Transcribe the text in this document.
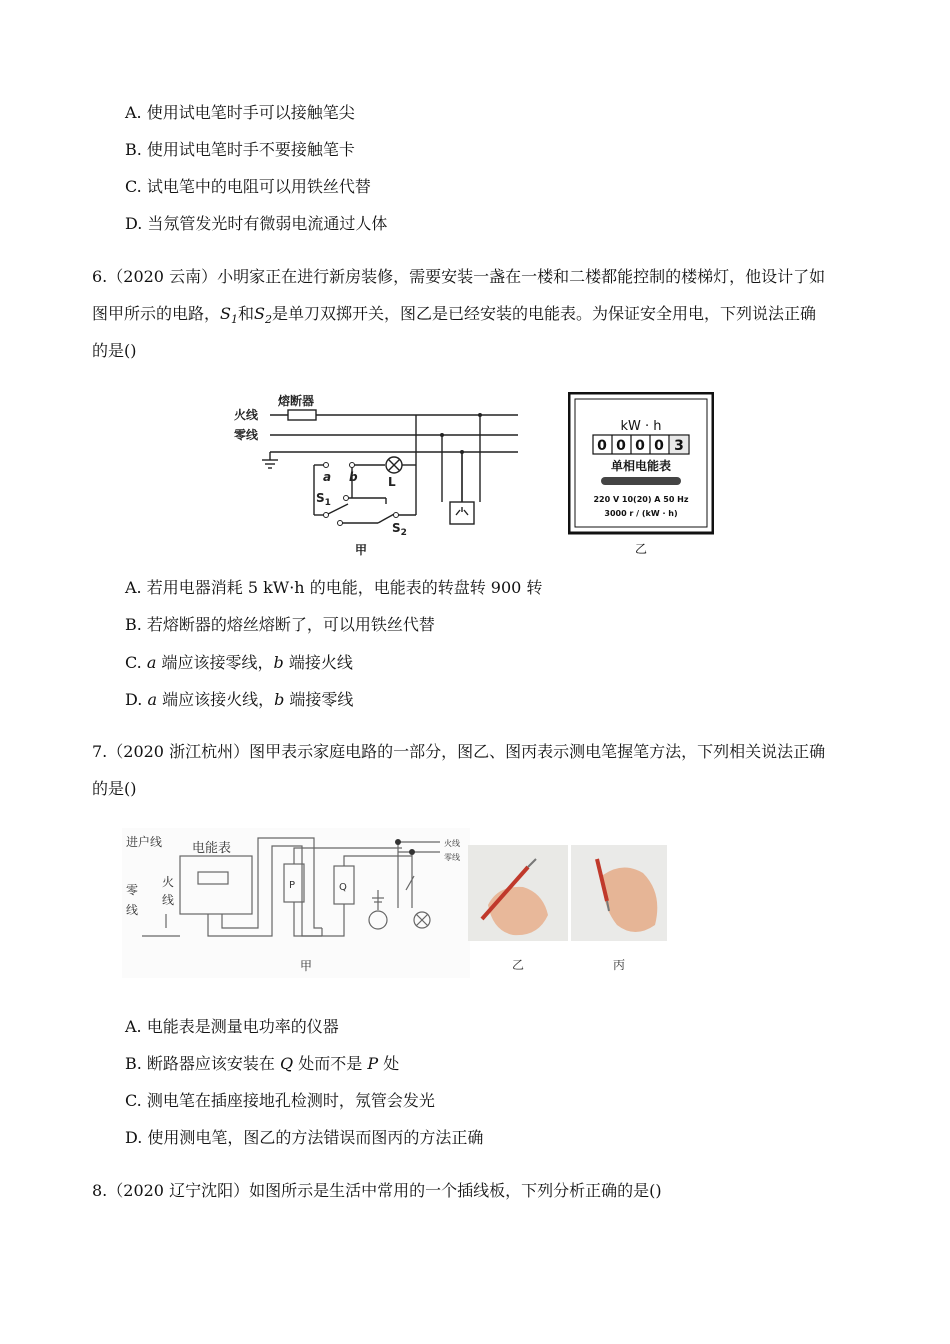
A. 使用试电笔时手可以接触笔尖
B. 使用试电笔时手不要接触笔卡
C. 试电笔中的电阻可以用铁丝代替
D. 当氖管发光时有微弱电流通过人体
6.（2020 云南）小明家正在进行新房装修，需要安装一盏在一楼和二楼都能控制的楼梯灯，他设计了如
图甲所示的电路，$S_1$和$S_2$是单刀双掷开关，图乙是已经安装的电能表。为保证安全用电，下列说法正确
的是()
熔断器
火线
零线
a b
$S_1$
$S_2$
L
甲
kW · h
0 0 0 0 3
单相电能表
220 V 10(20) A 50 Hz
3000 r / (kW · h)
乙
A. 若用电器消耗 5 kW·h 的电能，电能表的转盘转 900 转
B. 若熔断器的熔丝熔断了，可以用铁丝代替
C. a 端应该接零线，b 端接火线
D. a 端应该接火线，b 端接零线
7.（2020 浙江杭州）图甲表示家庭电路的一部分，图乙、图丙表示测电笔握笔方法，下列相关说法正确
的是()
进户线 电能表
零
线
火
线
P	Q
火线
零线
甲	乙	丙
A. 电能表是测量电功率的仪器
B. 断路器应该安装在 Q 处而不是 P 处
C. 测电笔在插座接地孔检测时，氖管会发光
D. 使用测电笔，图乙的方法错误而图丙的方法正确
8.（2020 辽宁沈阳）如图所示是生活中常用的一个插线板，下列分析正确的是()
